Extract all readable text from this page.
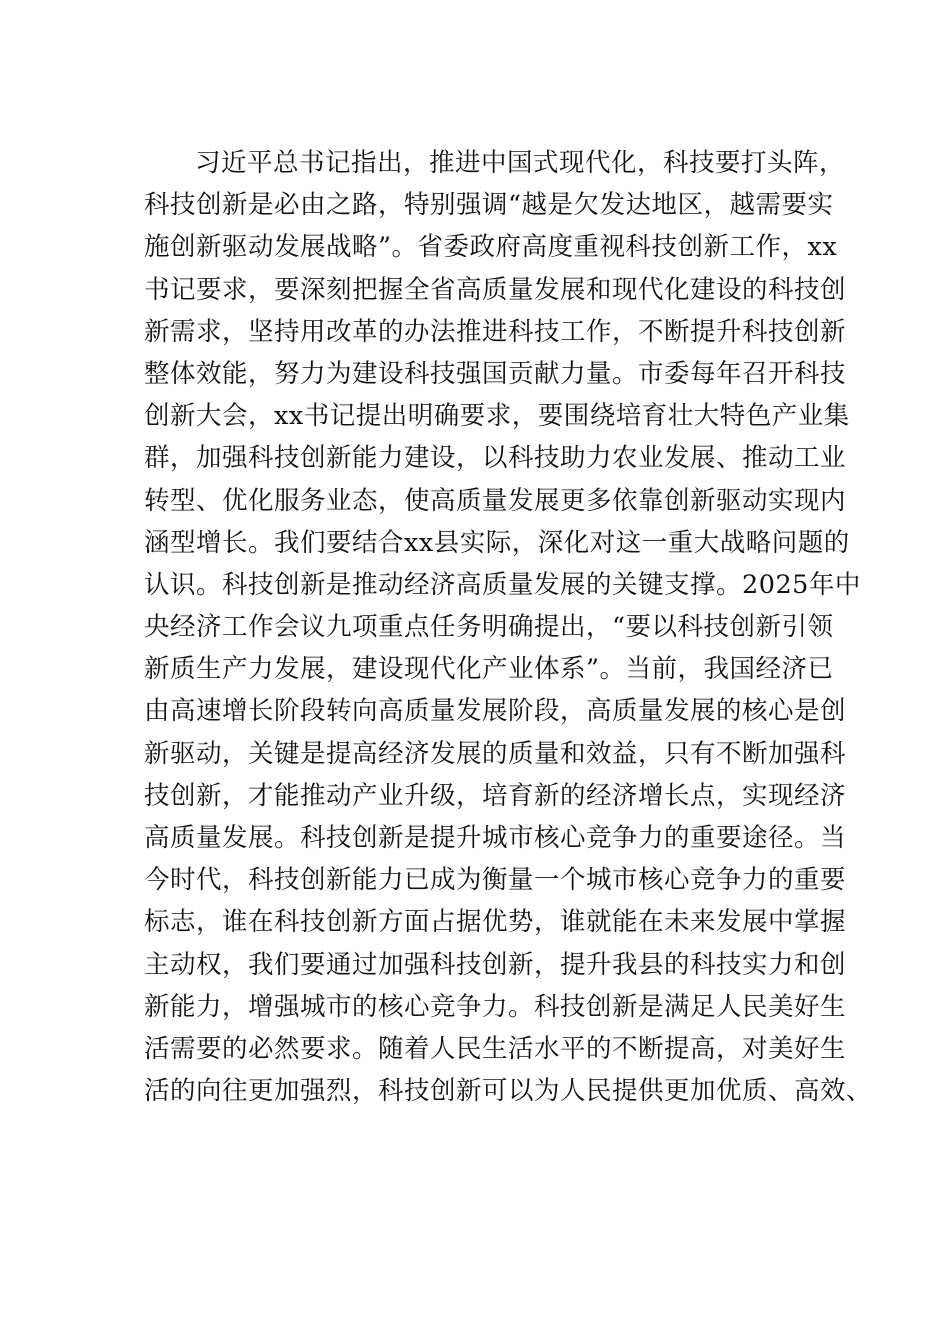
习近平总书记指出，推进中国式现代化，科技要打头阵，
科技创新是必由之路，特别强调“越是欠发达地区，越需要实
施创新驱动发展战略”。省委政府高度重视科技创新工作，xx
书记要求，要深刻把握全省高质量发展和现代化建设的科技创
新需求，坚持用改革的办法推进科技工作，不断提升科技创新
整体效能，努力为建设科技强国贡献力量。市委每年召开科技
创新大会，xx书记提出明确要求，要围绕培育壮大特色产业集
群，加强科技创新能力建设，以科技助力农业发展、推动工业
转型、优化服务业态，使高质量发展更多依靠创新驱动实现内
涵型增长。我们要结合xx县实际，深化对这一重大战略问题的
认识。科技创新是推动经济高质量发展的关键支撑。2025年中
央经济工作会议九项重点任务明确提出，“要以科技创新引领
新质生产力发展，建设现代化产业体系”。当前，我国经济已
由高速增长阶段转向高质量发展阶段，高质量发展的核心是创
新驱动，关键是提高经济发展的质量和效益，只有不断加强科
技创新，才能推动产业升级，培育新的经济增长点，实现经济
高质量发展。科技创新是提升城市核心竞争力的重要途径。当
今时代，科技创新能力已成为衡量一个城市核心竞争力的重要
标志，谁在科技创新方面占据优势，谁就能在未来发展中掌握
主动权，我们要通过加强科技创新，提升我县的科技实力和创
新能力，增强城市的核心竞争力。科技创新是满足人民美好生
活需要的必然要求。随着人民生活水平的不断提高，对美好生
活的向往更加强烈，科技创新可以为人民提供更加优质、高效、
